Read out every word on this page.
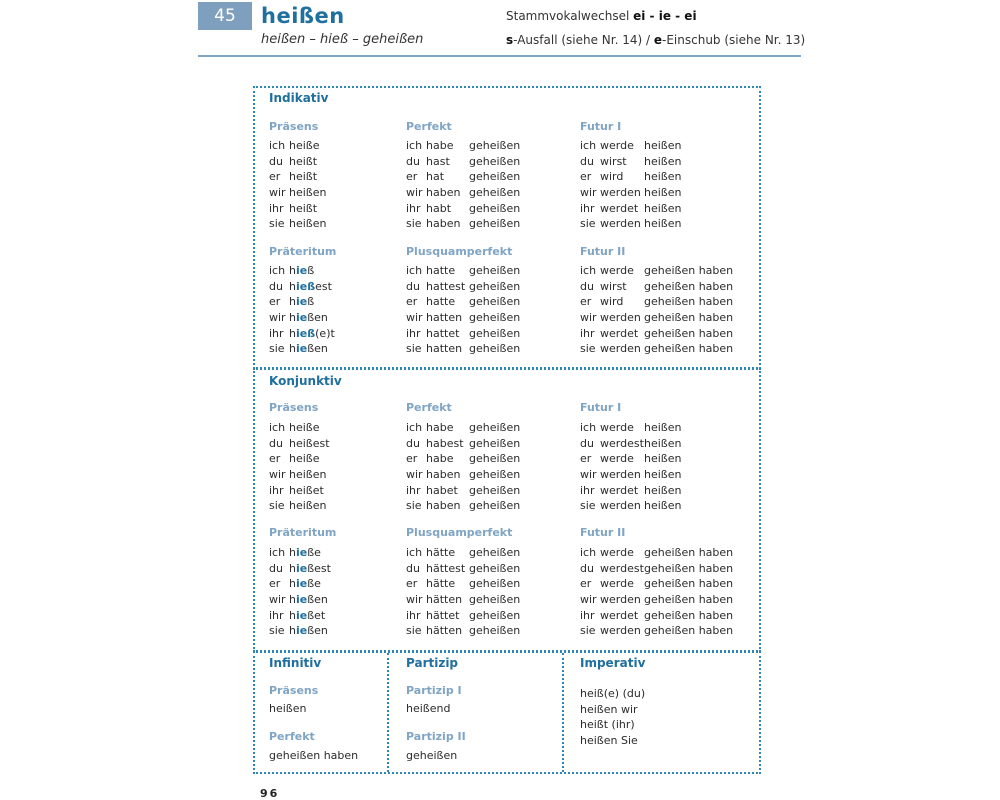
45	heißen
heißen – hieß – geheißen
Stammvokalwechsel ei - ie - ei
s-Ausfall (siehe Nr. 14) / e-Einschub (siehe Nr. 13)
Indikativ
Präsens
ich heiße
du heißt
er heißt
wir heißen
ihr heißt
sie heißen
Perfekt
ich habe geheißen
du hast geheißen
er hat geheißen
wir haben geheißen
ihr habt geheißen
sie haben geheißen
Futur I
ich werde heißen
du wirst heißen
er wird heißen
wir werden heißen
ihr werdet heißen
sie werden heißen
Präteritum
ich hieß
du hießest
er hieß
wir hießen
ihr hieß(e)t
sie hießen
Plusquamperfekt
ich hatte geheißen
du hattest geheißen
er hatte geheißen
wir hatten geheißen
ihr hattet geheißen
sie hatten geheißen
Futur II
ich werde geheißen haben
du wirst geheißen haben
er wird geheißen haben
wir werden geheißen haben
ihr werdet geheißen haben
sie werden geheißen haben
Konjunktiv
Präsens
ich heiße
du heißest
er heiße
wir heißen
ihr heißet
sie heißen
Perfekt
ich habe geheißen
du habest geheißen
er habe geheißen
wir haben geheißen
ihr habet geheißen
sie haben geheißen
Futur I
ich werde heißen
du werdestheißen
er werde heißen
wir werden heißen
ihr werdet heißen
sie werden heißen
Präteritum
ich hieße
du hießest
er hieße
wir hießen
ihr hießet
sie hießen
Plusquamperfekt
ich hätte geheißen
du hättest geheißen
er hätte geheißen
wir hätten geheißen
ihr hättet geheißen
sie hätten geheißen
Futur II
ich werde geheißen haben
du werdestgeheißen haben
er werde geheißen haben
wir werden geheißen haben
ihr werdet geheißen haben
sie werden geheißen haben
Infinitiv
Präsens
heißen
Perfekt
geheißen haben
Partizip
Partizip I
heißend
Partizip II
geheißen
Imperativ
heiß(e) (du)
heißen wir
heißt (ihr)
heißen Sie
96
